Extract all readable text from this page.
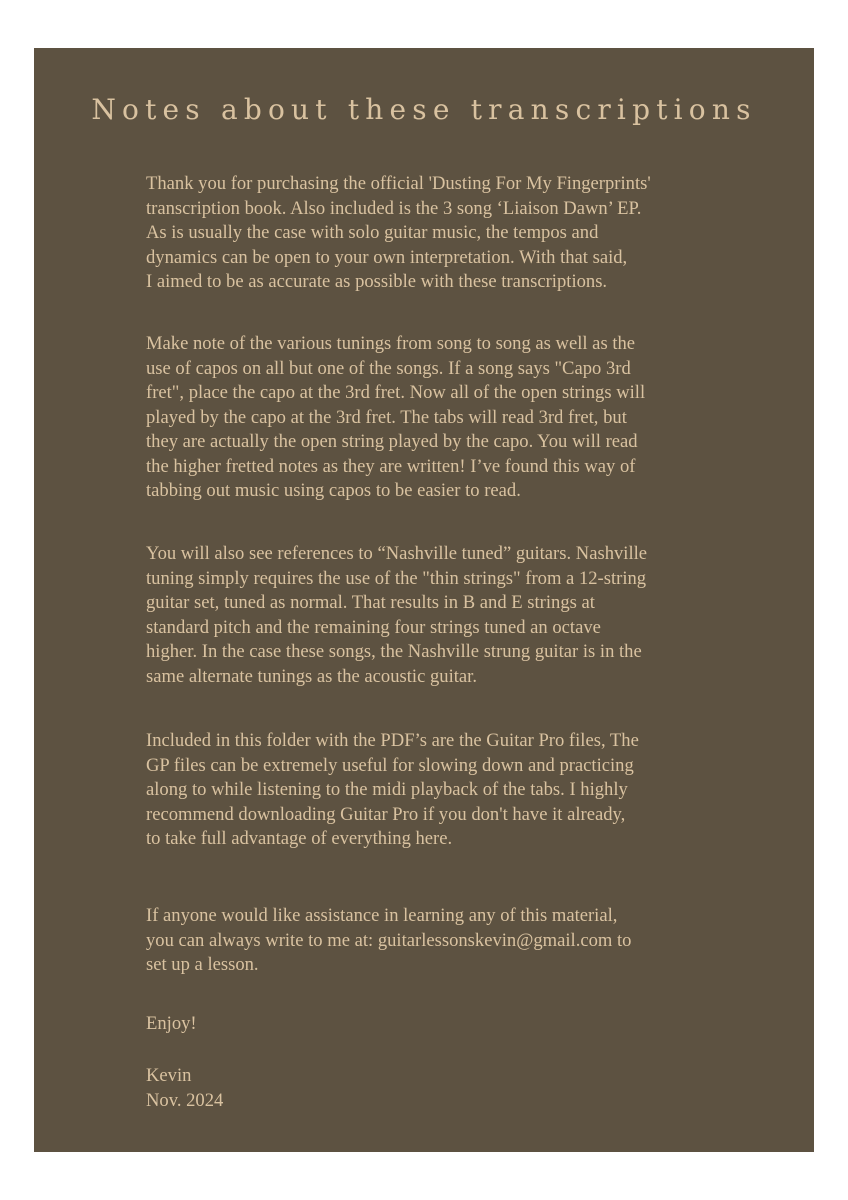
Notes about these transcriptions

Thank you for purchasing the official 'Dusting For My Fingerprints'
transcription book. Also included is the 3 song ‘Liaison Dawn’ EP.
As is usually the case with solo guitar music, the tempos and
dynamics can be open to your own interpretation. With that said,
I aimed to be as accurate as possible with these transcriptions.

Make note of the various tunings from song to song as well as the
use of capos on all but one of the songs. If a song says "Capo 3rd
fret", place the capo at the 3rd fret. Now all of the open strings will
played by the capo at the 3rd fret. The tabs will read 3rd fret, but
they are actually the open string played by the capo. You will read
the higher fretted notes as they are written! I’ve found this way of
tabbing out music using capos to be easier to read.

You will also see references to “Nashville tuned” guitars. Nashville
tuning simply requires the use of the "thin strings" from a 12-string
guitar set, tuned as normal. That results in B and E strings at
standard pitch and the remaining four strings tuned an octave
higher. In the case these songs, the Nashville strung guitar is in the
same alternate tunings as the acoustic guitar.

Included in this folder with the PDF’s are the Guitar Pro files, The
GP files can be extremely useful for slowing down and practicing
along to while listening to the midi playback of the tabs. I highly
recommend downloading Guitar Pro if you don't have it already,
to take full advantage of everything here.

If anyone would like assistance in learning any of this material,
you can always write to me at: guitarlessonskevin@gmail.com to
set up a lesson.

Enjoy!

Kevin
Nov. 2024
